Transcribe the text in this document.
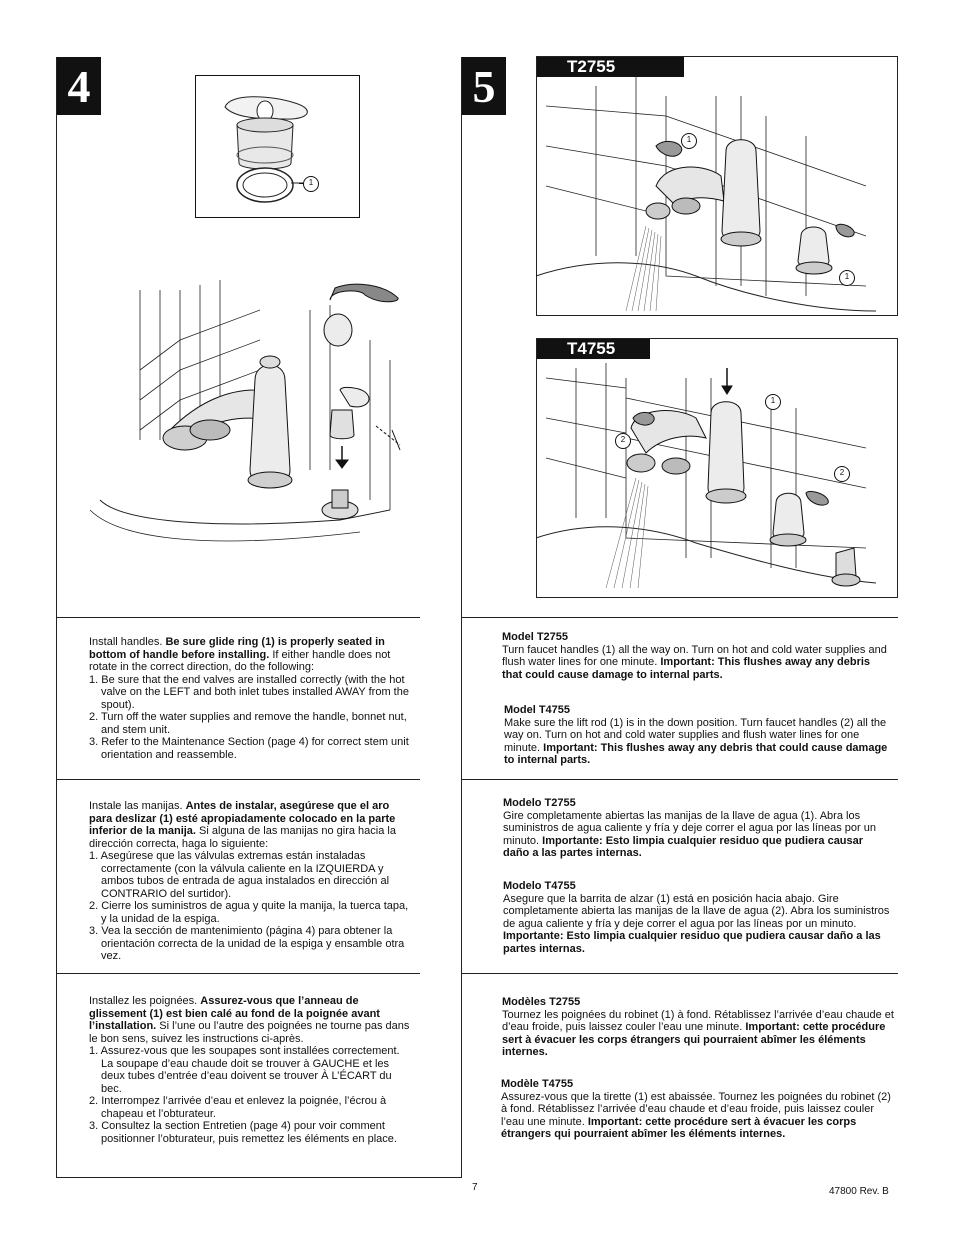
4
1

Install handles. Be sure glide ring (1) is properly seated in bottom of handle before installing. If either handle does not rotate in the correct direction, do the following:

1. Be sure that the end valves are installed correctly (with the hot valve on the LEFT and both inlet tubes installed AWAY from the spout).

2. Turn off the water supplies and remove the handle, bonnet nut, and stem unit.

3. Refer to the Maintenance Section (page 4) for correct stem unit orientation and reassemble.

Instale las manijas. Antes de instalar, asegúrese que el aro para deslizar (1) esté apropiadamente colocado en la parte inferior de la manija. Si alguna de las manijas no gira hacia la dirección correcta, haga lo siguiente:

1. Asegúrese que las válvulas extremas están instaladas correctamente (con la válvula caliente en la IZQUIERDA y ambos tubos de entrada de agua instalados en dirección al CONTRARIO del surtidor).

2. Cierre los suministros de agua y quite la manija, la tuerca tapa, y la unidad de la espiga.

3. Vea la sección de mantenimiento (página 4) para obtener la orientación correcta de la unidad de la espiga y ensamble otra vez.

Installez les poignées. Assurez-vous que l’anneau de glissement (1) est bien calé au fond de la poignée avant l’installation. Si l’une ou l’autre des poignées ne tourne pas dans le bon sens, suivez les instructions ci-après.

1. Assurez-vous que les soupapes sont installées correctement. La soupape d’eau chaude doit se trouver à GAUCHE et les deux tubes d’entrée d’eau doivent se trouver À L’ÉCART du bec.

2. Interrompez l’arrivée d’eau et enlevez la poignée, l’écrou à chapeau et l’obturateur.

3. Consultez la section Entretien (page 4) pour voir comment positionner l’obturateur, puis remettez les éléments en place.

5	T2755
1
1
T4755
1
2
2

Model T2755

Turn faucet handles (1) all the way on. Turn on hot and cold water supplies and flush water lines for one minute. Important: This flushes away any debris that could cause damage to internal parts.

Model T4755

Make sure the lift rod (1) is in the down position. Turn faucet handles (2) all the way on. Turn on hot and cold water supplies and flush water lines for one minute. Important: This flushes away any debris that could cause damage to internal parts.

Modelo T2755

Gire completamente abiertas las manijas de la llave de agua (1). Abra los suministros de agua caliente y fría y deje correr el agua por las líneas por un minuto. Importante: Esto limpia cualquier residuo que pudiera causar daño a las partes internas.

Modelo T4755

Asegure que la barrita de alzar (1) está en posición hacia abajo. Gire completamente abierta las manijas de la llave de agua (2). Abra los suministros de agua caliente y fría y deje correr el agua por las líneas por un minuto. Importante: Esto limpia cualquier residuo que pudiera causar daño a las partes internas.

Modèles T2755

Tournez les poignées du robinet (1) à fond. Rétablissez l’arrivée d’eau chaude et d’eau froide, puis laissez couler l’eau une minute. Important: cette procédure sert à évacuer les corps étrangers qui pourraient abîmer les éléments internes.

Modèle T4755

Assurez-vous que la tirette (1) est abaissée. Tournez les poignées du robinet (2) à fond. Rétablissez l’arrivée d’eau chaude et d’eau froide, puis laissez couler l’eau une minute. Important: cette procédure sert à évacuer les corps étrangers qui pourraient abîmer les éléments internes.

7	47800 Rev. B
